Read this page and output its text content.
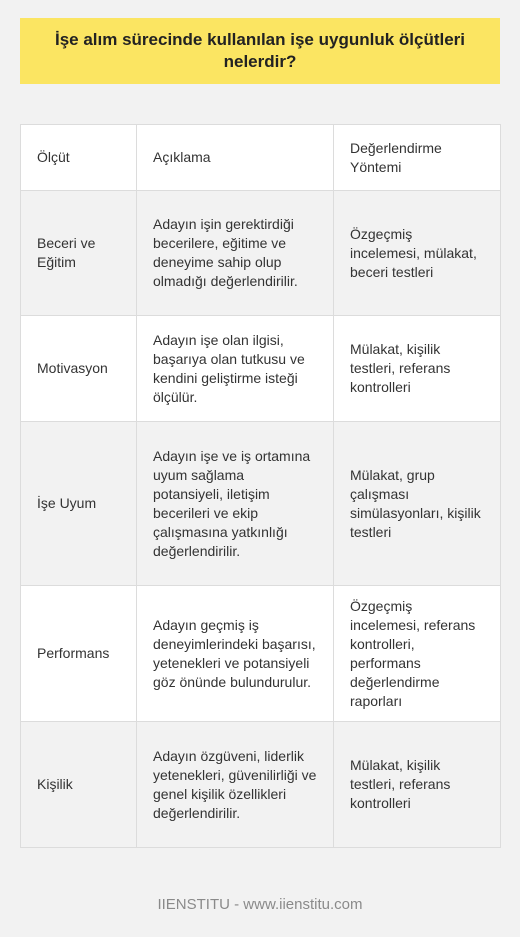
İşe alım sürecinde kullanılan işe uygunluk ölçütleri nelerdir?
Ölçüt	Açıklama	Değerlendirme Yöntemi
Beceri ve Eğitim	Adayın işin gerektirdiği becerilere, eğitime ve deneyime sahip olup olmadığı değerlendirilir.	Özgeçmiş incelemesi, mülakat, beceri testleri
Motivasyon	Adayın işe olan ilgisi, başarıya olan tutkusu ve kendini geliştirme isteği ölçülür.	Mülakat, kişilik testleri, referans kontrolleri
İşe Uyum	Adayın işe ve iş ortamına uyum sağlama potansiyeli, iletişim becerileri ve ekip çalışmasına yatkınlığı değerlendirilir.	Mülakat, grup çalışması simülasyonları, kişilik testleri
Performans	Adayın geçmiş iş deneyimlerindeki başarısı, yetenekleri ve potansiyeli göz önünde bulundurulur.	Özgeçmiş incelemesi, referans kontrolleri, performans değerlendirme raporları
Kişilik	Adayın özgüveni, liderlik yetenekleri, güvenilirliği ve genel kişilik özellikleri değerlendirilir.	Mülakat, kişilik testleri, referans kontrolleri
IIENSTITU - www.iienstitu.com
